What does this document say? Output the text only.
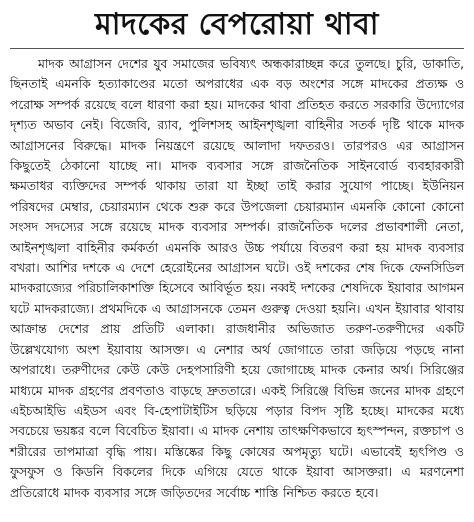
মাদকের বেপরোয়া থাবা

মাদক আগ্রাসন দেশের যুব সমাজের ভবিষ্যৎ অন্ধকারাচ্ছন্ন করে তুলছে। চুরি, ডাকাতি, ছিনতাই এমনকি হত্যাকাণ্ডের মতো অপরাধের এক বড় অংশের সঙ্গে মাদকের প্রত্যক্ষ ও পরোক্ষ সম্পর্ক রয়েছে বলে ধারণা করা হয়। মাদকের থাবা প্রতিহত করতে সরকারি উদ্যোগের দৃশ্যত অভাব নেই। বিজেবি, র‌্যাব, পুলিশসহ আইনশৃঙ্খলা বাহিনীর সতর্ক দৃষ্টি থাকে মাদক আগ্রাসনের বিরুদ্ধে। মাদক নিয়ন্ত্রণে রয়েছে আলাদা দফতরও। তারপরও এর আগ্রাসন কিছুতেই ঠেকানো যাচ্ছে না। মাদক ব্যবসার সঙ্গে রাজনৈতিক সাইনবোর্ড ব্যবহারকারী ক্ষমতাধর ব্যক্তিদের সম্পর্ক থাকায় তারা যা ইচ্ছা তাই করার সুযোগ পাচ্ছে। ইউনিয়ন পরিষদের মেম্বার, চেয়ারম্যান থেকে শুরু করে উপজেলা চেয়ারম্যান এমনকি কোনো কোনো সংসদ সদস্যের সঙ্গে রয়েছে মাদক ব্যবসার সম্পর্ক। রাজনৈতিক দলের প্রভাবশালী নেতা, আইনশৃঙ্খলা বাহিনীর কর্মকর্তা এমনকি আরও উচ্চ পর্যায়ে বিতরণ করা হয় মাদক ব্যবসার বখরা। আশির দশকে এ দেশে হেরোইনের আগ্রাসন ঘটে। ওই দশকের শেষ দিকে ফেনসিডিল মাদকরাজ্যের পরিচালিকাশক্তি হিসেবে আবির্ভূত হয়। নব্বই দশকের শেষদিকে ইয়াবার আগমন ঘটে মাদকরাজ্যে। প্রথমদিকে এ আগ্রাসনকে তেমন গুরুত্ব দেওয়া হয়নি। এখন ইয়াবার থাবায় আক্রান্ত দেশের প্রায় প্রতিটি এলাকা। রাজধানীর অভিজাত তরুণ-তরুণীদের একটি উল্লেখযোগ্য অংশ ইয়াবায় আসক্ত। এ নেশার অর্থ জোগাতে তারা জড়িয়ে পড়ছে নানা অপরাধে। তরুণীদের কেউ কেউ দেহপসারিণী হয়ে জোগাচ্ছে মাদক কেনার অর্থ। সিরিঞ্জের মাধ্যমে মাদক গ্রহণের প্রবণতাও বাড়ছে দ্রুততারে। একই সিরিঞ্জে বিভিন্ন জনের মাদক গ্রহণে এইচআইভি এইডস এবং বি-হেপাটাইটিস ছড়িয়ে পড়ার বিপদ সৃষ্টি হচ্ছে। মাদকের মধ্যে সবচেয়ে ভয়ঙ্কর বলে বিবেচিত ইয়াবা। এ মাদক নেশায় তাৎক্ষণিকভাবে হৃৎস্পন্দন, রক্তচাপ ও শরীরের তাপমাত্রা বৃদ্ধি পায়। মস্তিষ্কের কিছু কোষের অপমৃত্যু ঘটে। এভাবেই হৃৎপিণ্ড ও ফুসফুস ও কিডনি বিকলের দিকে এগিয়ে যেতে থাকে ইয়াবা আসক্তরা। এ মরণনেশা প্রতিরোধে মাদক ব্যবসার সঙ্গে জড়িতদের সর্বোচ্চ শাস্তি নিশ্চিত করতে হবে।
